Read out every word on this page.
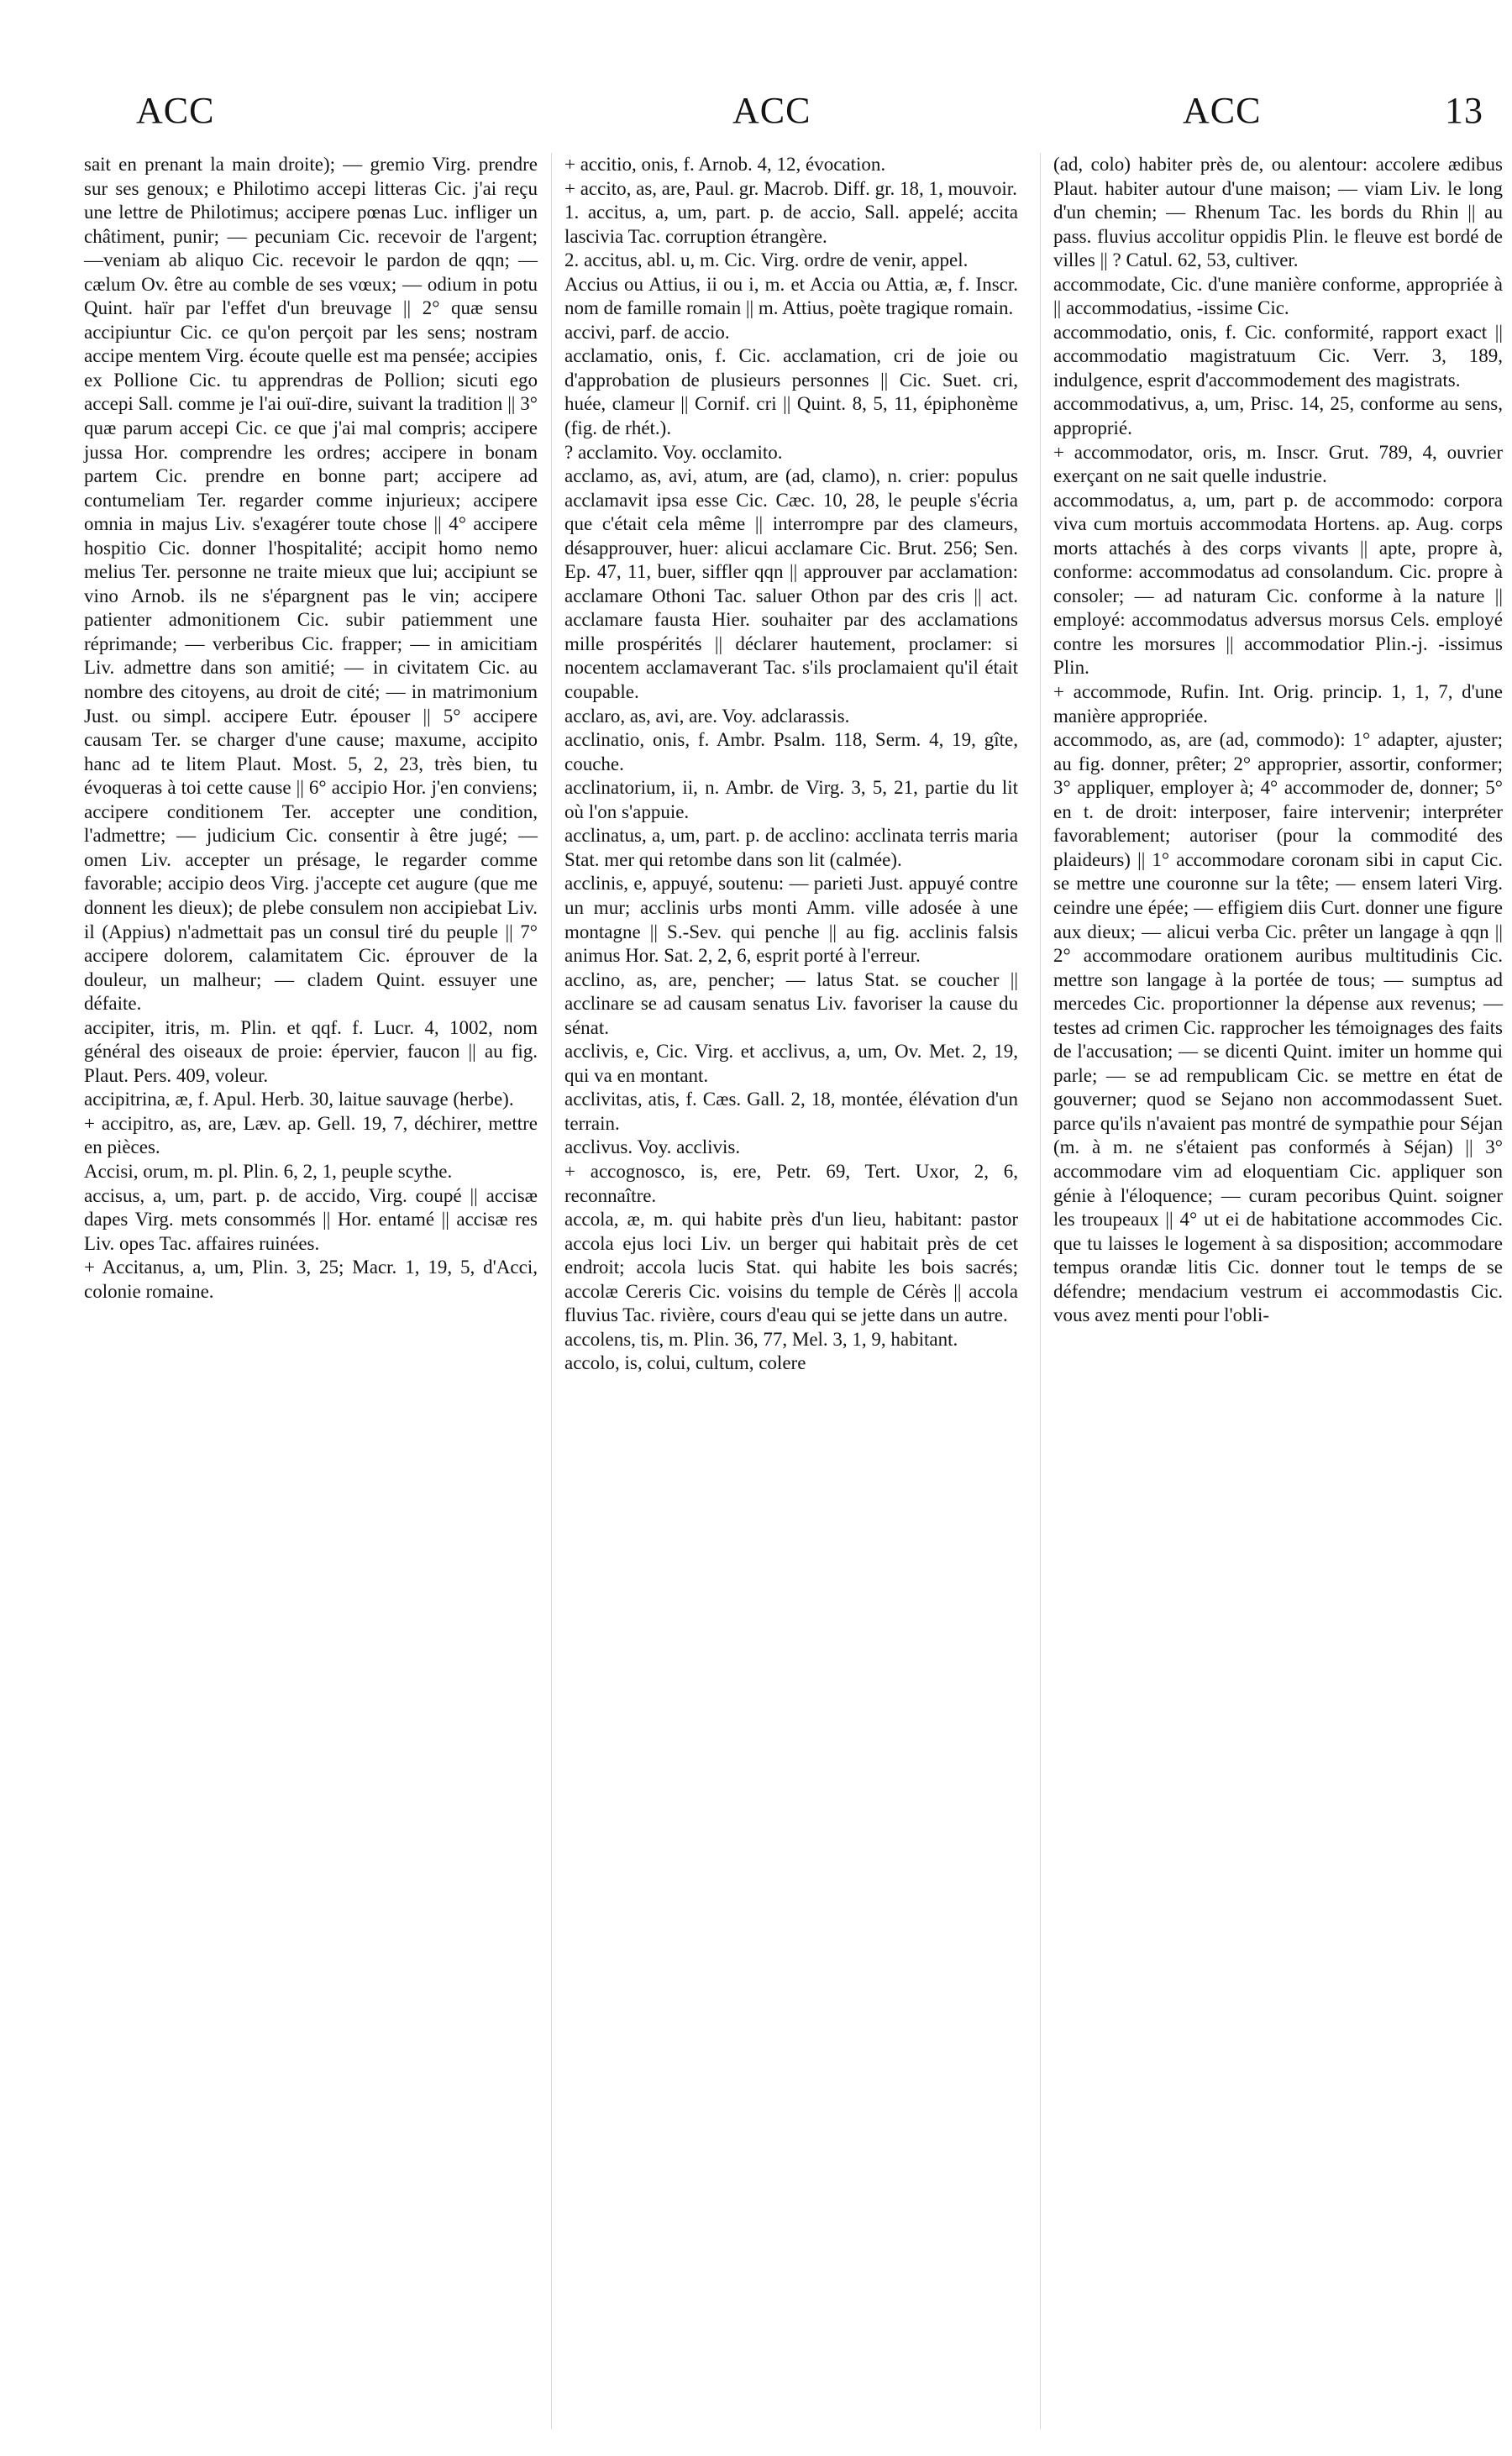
ACC	ACC	ACC	13
sait en prenant la main droite); — gremio Virg. prendre sur ses genoux; e Philotimo accepi litteras Cic. j'ai reçu une lettre de Philotimus; accipere pœnas Luc. infliger un châtiment, punir; — pecuniam Cic. recevoir de l'argent; —veniam ab aliquo Cic. recevoir le pardon de qqn; — cælum Ov. être au comble de ses vœux; — odium in potu Quint. haïr par l'effet d'un breuvage || 2° quæ sensu accipiuntur Cic. ce qu'on perçoit par les sens; nostram accipe mentem Virg. écoute quelle est ma pensée; accipies ex Pollione Cic. tu apprendras de Pollion; sicuti ego accepi Sall. comme je l'ai ouï-dire, suivant la tradition || 3° quæ parum accepi Cic. ce que j'ai mal compris; accipere jussa Hor. comprendre les ordres; accipere in bonam partem Cic. prendre en bonne part; accipere ad contumeliam Ter. regarder comme injurieux; accipere omnia in majus Liv. s'exagérer toute chose || 4° accipere hospitio Cic. donner l'hospitalité; accipit homo nemo melius Ter. personne ne traite mieux que lui; accipiunt se vino Arnob. ils ne s'épargnent pas le vin; accipere patienter admonitionem Cic. subir patiemment une réprimande; — verberibus Cic. frapper; — in amicitiam Liv. admettre dans son amitié; — in civitatem Cic. au nombre des citoyens, au droit de cité; — in matrimonium Just. ou simpl. accipere Eutr. épouser || 5° accipere causam Ter. se charger d'une cause; maxume, accipito hanc ad te litem Plaut. Most. 5, 2, 23, très bien, tu évoqueras à toi cette cause || 6° accipio Hor. j'en conviens; accipere conditionem Ter. accepter une condition, l'admettre; — judicium Cic. consentir à être jugé; — omen Liv. accepter un présage, le regarder comme favorable; accipio deos Virg. j'accepte cet augure (que me donnent les dieux); de plebe consulem non accipiebat Liv. il (Appius) n'admettait pas un consul tiré du peuple || 7° accipere dolorem, calamitatem Cic. éprouver de la douleur, un malheur; — cladem Quint. essuyer une défaite.
accipiter, itris, m. Plin. et qqf. f. Lucr. 4, 1002, nom général des oiseaux de proie: épervier, faucon || au fig. Plaut. Pers. 409, voleur.
accipitrina, æ, f. Apul. Herb. 30, laitue sauvage (herbe).
+ accipitro, as, are, Læv. ap. Gell. 19, 7, déchirer, mettre en pièces.
Accisi, orum, m. pl. Plin. 6, 2, 1, peuple scythe.
accisus, a, um, part. p. de accido, Virg. coupé || accisæ dapes Virg. mets consommés || Hor. entamé || accisæ res Liv. opes Tac. affaires ruinées.
+ Accitanus, a, um, Plin. 3, 25; Macr. 1, 19, 5, d'Acci, colonie romaine.
+ accitio, onis, f. Arnob. 4, 12, évocation.
+ accito, as, are, Paul. gr. Macrob. Diff. gr. 18, 1, mouvoir.
1. accitus, a, um, part. p. de accio, Sall. appelé; accita lascivia Tac. corruption étrangère.
2. accitus, abl. u, m. Cic. Virg. ordre de venir, appel.
Accius ou Attius, ii ou i, m. et Accia ou Attia, æ, f. Inscr. nom de famille romain || m. Attius, poète tragique romain.
accivi, parf. de accio.
acclamatio, onis, f. Cic. acclamation, cri de joie ou d'approbation de plusieurs personnes || Cic. Suet. cri, huée, clameur || Cornif. cri || Quint. 8, 5, 11, épiphonème (fig. de rhét.).
? acclamito. Voy. occlamito.
acclamo, as, avi, atum, are (ad, clamo), n. crier: populus acclamavit ipsa esse Cic. Cæc. 10, 28, le peuple s'écria que c'était cela même || interrompre par des clameurs, désapprouver, huer: alicui acclamare Cic. Brut. 256; Sen. Ep. 47, 11, buer, siffler qqn || approuver par acclamation: acclamare Othoni Tac. saluer Othon par des cris || act. acclamare fausta Hier. souhaiter par des acclamations mille prospérités || déclarer hautement, proclamer: si nocentem acclamaverant Tac. s'ils proclamaient qu'il était coupable.
acclaro, as, avi, are. Voy. adclarassis.
acclinatio, onis, f. Ambr. Psalm. 118, Serm. 4, 19, gîte, couche.
acclinatorium, ii, n. Ambr. de Virg. 3, 5, 21, partie du lit où l'on s'appuie.
acclinatus, a, um, part. p. de acclino: acclinata terris maria Stat. mer qui retombe dans son lit (calmée).
acclinis, e, appuyé, soutenu: — parieti Just. appuyé contre un mur; acclinis urbs monti Amm. ville adosée à une montagne || S.-Sev. qui penche || au fig. acclinis falsis animus Hor. Sat. 2, 2, 6, esprit porté à l'erreur.
acclino, as, are, pencher; — latus Stat. se coucher || acclinare se ad causam senatus Liv. favoriser la cause du sénat.
acclivis, e, Cic. Virg. et acclivus, a, um, Ov. Met. 2, 19, qui va en montant.
acclivitas, atis, f. Cæs. Gall. 2, 18, montée, élévation d'un terrain.
acclivus. Voy. acclivis.
+ accognosco, is, ere, Petr. 69, Tert. Uxor, 2, 6, reconnaître.
accola, æ, m. qui habite près d'un lieu, habitant: pastor accola ejus loci Liv. un berger qui habitait près de cet endroit; accola lucis Stat. qui habite les bois sacrés; accolæ Cereris Cic. voisins du temple de Cérès || accola fluvius Tac. rivière, cours d'eau qui se jette dans un autre.
accolens, tis, m. Plin. 36, 77, Mel. 3, 1, 9, habitant.
accolo, is, colui, cultum, colere
(ad, colo) habiter près de, ou alentour: accolere ædibus Plaut. habiter autour d'une maison; — viam Liv. le long d'un chemin; — Rhenum Tac. les bords du Rhin || au pass. fluvius accolitur oppidis Plin. le fleuve est bordé de villes || ? Catul. 62, 53, cultiver.
accommodate, Cic. d'une manière conforme, appropriée à || accommodatius, -issime Cic.
accommodatio, onis, f. Cic. conformité, rapport exact || accommodatio magistratuum Cic. Verr. 3, 189, indulgence, esprit d'accommodement des magistrats.
accommodativus, a, um, Prisc. 14, 25, conforme au sens, approprié.
+ accommodator, oris, m. Inscr. Grut. 789, 4, ouvrier exerçant on ne sait quelle industrie.
accommodatus, a, um, part p. de accommodo: corpora viva cum mortuis accommodata Hortens. ap. Aug. corps morts attachés à des corps vivants || apte, propre à, conforme: accommodatus ad consolandum. Cic. propre à consoler; — ad naturam Cic. conforme à la nature || employé: accommodatus adversus morsus Cels. employé contre les morsures || accommodatior Plin.-j. -issimus Plin.
+ accommode, Rufin. Int. Orig. princip. 1, 1, 7, d'une manière appropriée.
accommodo, as, are (ad, commodo): 1° adapter, ajuster; au fig. donner, prêter; 2° approprier, assortir, conformer; 3° appliquer, employer à; 4° accommoder de, donner; 5° en t. de droit: interposer, faire intervenir; interpréter favorablement; autoriser (pour la commodité des plaideurs) || 1° accommodare coronam sibi in caput Cic. se mettre une couronne sur la tête; — ensem lateri Virg. ceindre une épée; — effigiem diis Curt. donner une figure aux dieux; — alicui verba Cic. prêter un langage à qqn || 2° accommodare orationem auribus multitudinis Cic. mettre son langage à la portée de tous; — sumptus ad mercedes Cic. proportionner la dépense aux revenus; — testes ad crimen Cic. rapprocher les témoignages des faits de l'accusation; — se dicenti Quint. imiter un homme qui parle; — se ad rempublicam Cic. se mettre en état de gouverner; quod se Sejano non accommodassent Suet. parce qu'ils n'avaient pas montré de sympathie pour Séjan (m. à m. ne s'étaient pas conformés à Séjan) || 3° accommodare vim ad eloquentiam Cic. appliquer son génie à l'éloquence; — curam pecoribus Quint. soigner les troupeaux || 4° ut ei de habitatione accommodes Cic. que tu laisses le logement à sa disposition; accommodare tempus orandæ litis Cic. donner tout le temps de se défendre; mendacium vestrum ei accommodastis Cic. vous avez menti pour l'obli-
